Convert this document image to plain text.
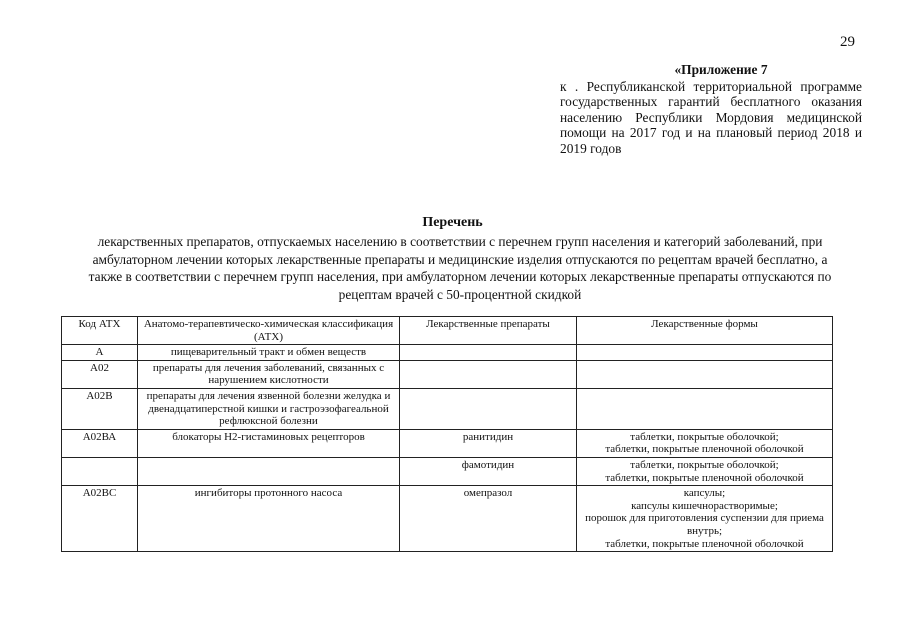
29
«Приложение 7
к . Республиканской территориальной программе государственных гарантий бесплатного оказания населению Республики Мордовия медицинской помощи на 2017 год и на плановый период 2018 и 2019 годов
Перечень
лекарственных препаратов, отпускаемых населению в соответствии с перечнем групп населения и категорий заболеваний, при амбулаторном лечении которых лекарственные препараты и медицинские изделия отпускаются по рецептам врачей бесплатно, а также в соответствии с перечнем групп населения, при амбулаторном лечении которых лекарственные препараты отпускаются по рецептам врачей с 50-процентной скидкой
Код АТХ	Анатомо-терапевтическо-химическая классификация (АТХ)	Лекарственные препараты	Лекарственные формы
А	пищеварительный тракт и обмен веществ		
А02	препараты для лечения заболеваний, связанных с нарушением кислотности		
А02В	препараты для лечения язвенной болезни желудка и двенадцатиперстной кишки и гастроэзофагеальной рефлюксной болезни		
А02ВА	блокаторы Н2-гистаминовых рецепторов	ранитидин	таблетки, покрытые оболочкой;
таблетки, покрытые пленочной оболочкой

		фамотидин	таблетки, покрытые оболочкой;
таблетки, покрытые пленочной оболочкой

А02ВС	ингибиторы протонного насоса	омепразол	капсулы;
капсулы кишечнорастворимые;
порошок для приготовления суспензии для приема внутрь;
таблетки, покрытые пленочной оболочкой
